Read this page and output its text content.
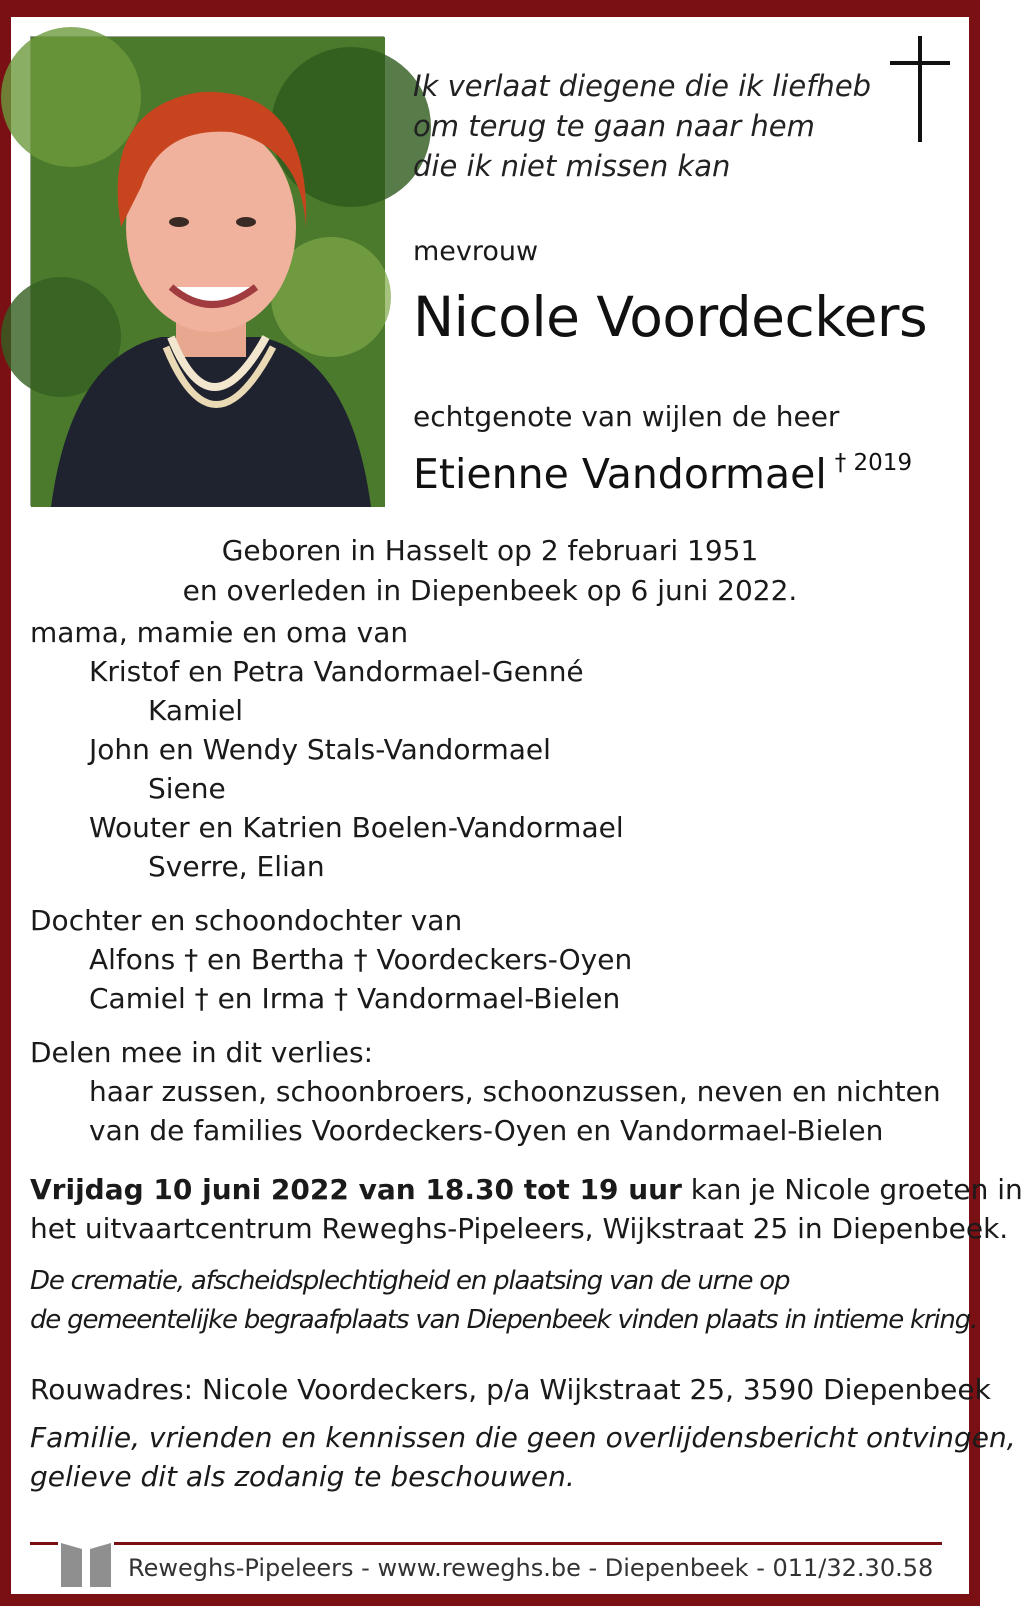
Ik verlaat diegene die ik liefheb
om terug te gaan naar hem
die ik niet missen kan
mevrouw
Nicole Voordeckers
echtgenote van wijlen de heer
Etienne Vandormael $^{\dagger 2019}$
Geboren in Hasselt op 2 februari 1951
en overleden in Diepenbeek op 6 juni 2022.
mama, mamie en oma van
Kristof en Petra Vandormael-Genné
Kamiel
John en Wendy Stals-Vandormael
Siene
Wouter en Katrien Boelen-Vandormael
Sverre, Elian
Dochter en schoondochter van
Alfons † en Bertha † Voordeckers-Oyen
Camiel † en Irma † Vandormael-Bielen
Delen mee in dit verlies:
haar zussen, schoonbroers, schoonzussen, neven en nichten
van de families Voordeckers-Oyen en Vandormael-Bielen
Vrijdag 10 juni 2022 van 18.30 tot 19 uur kan je Nicole groeten in
het uitvaartcentrum Reweghs-Pipeleers, Wijkstraat 25 in Diepenbeek.
De crematie, afscheidsplechtigheid en plaatsing van de urne op
de gemeentelijke begraafplaats van Diepenbeek vinden plaats in intieme kring.
Rouwadres: Nicole Voordeckers, p/a Wijkstraat 25, 3590 Diepenbeek
Familie, vrienden en kennissen die geen overlijdensbericht ontvingen,
gelieve dit als zodanig te beschouwen.
Reweghs-Pipeleers - www.reweghs.be - Diepenbeek - 011/32.30.58
